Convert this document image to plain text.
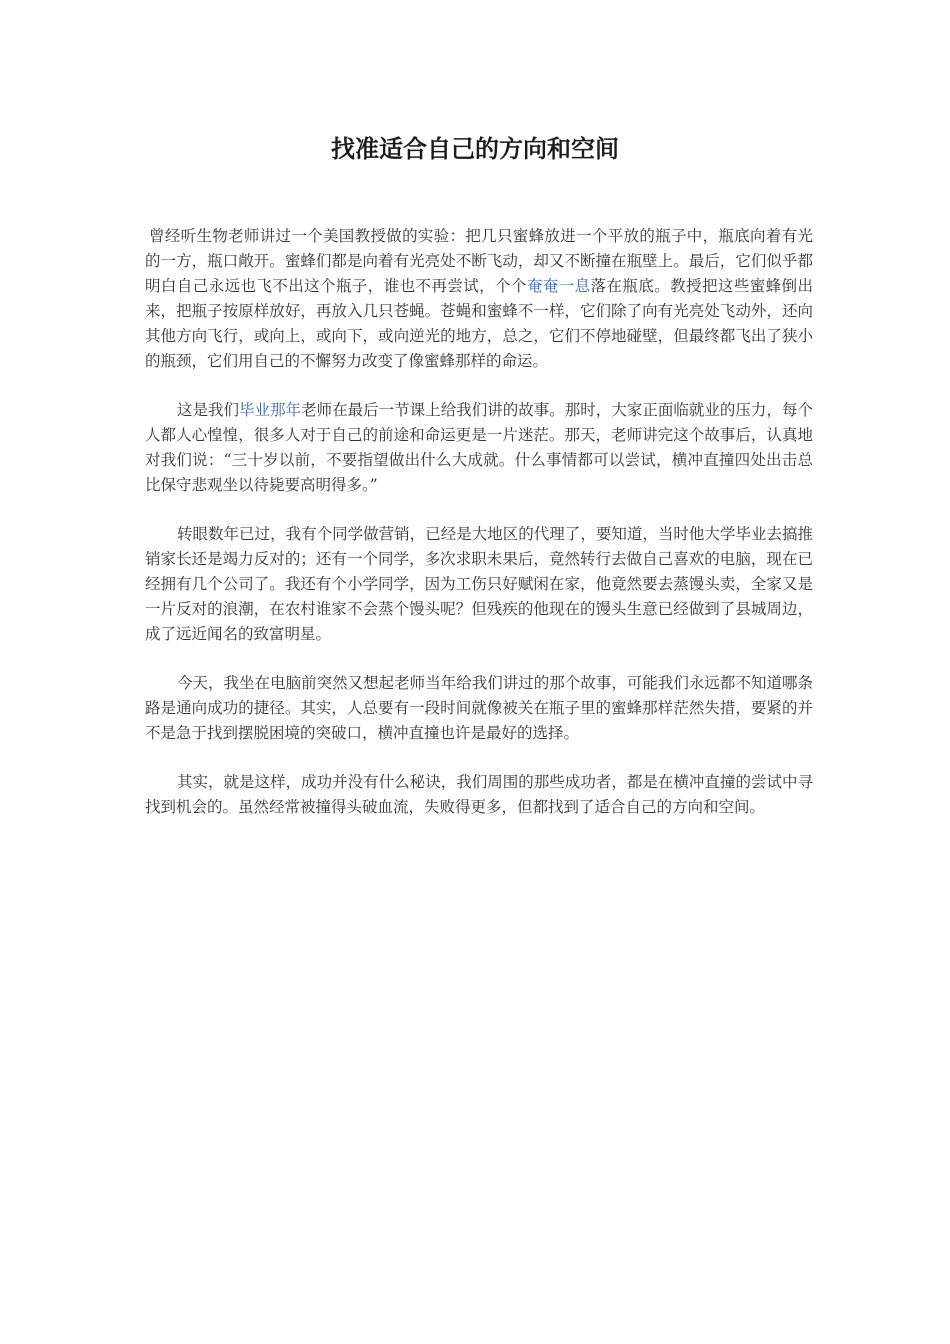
找准适合自己的方向和空间

曾经听生物老师讲过一个美国教授做的实验：把几只蜜蜂放进一个平放的瓶子中，瓶底向着有光的一方，瓶口敞开。蜜蜂们都是向着有光亮处不断飞动，却又不断撞在瓶壁上。最后，它们似乎都明白自己永远也飞不出这个瓶子，谁也不再尝试，个个奄奄一息落在瓶底。教授把这些蜜蜂倒出来，把瓶子按原样放好，再放入几只苍蝇。苍蝇和蜜蜂不一样，它们除了向有光亮处飞动外，还向其他方向飞行，或向上，或向下，或向逆光的地方，总之，它们不停地碰壁，但最终都飞出了狭小的瓶颈，它们用自己的不懈努力改变了像蜜蜂那样的命运。

这是我们毕业那年老师在最后一节课上给我们讲的故事。那时，大家正面临就业的压力，每个人都人心惶惶，很多人对于自己的前途和命运更是一片迷茫。那天，老师讲完这个故事后，认真地对我们说：“三十岁以前，不要指望做出什么大成就。什么事情都可以尝试，横冲直撞四处出击总比保守悲观坐以待毙要高明得多。”

转眼数年已过，我有个同学做营销，已经是大地区的代理了，要知道，当时他大学毕业去搞推销家长还是竭力反对的；还有一个同学，多次求职未果后，竟然转行去做自己喜欢的电脑，现在已经拥有几个公司了。我还有个小学同学，因为工伤只好赋闲在家，他竟然要去蒸馒头卖，全家又是一片反对的浪潮，在农村谁家不会蒸个馒头呢？但残疾的他现在的馒头生意已经做到了县城周边，成了远近闻名的致富明星。

今天，我坐在电脑前突然又想起老师当年给我们讲过的那个故事，可能我们永远都不知道哪条路是通向成功的捷径。其实，人总要有一段时间就像被关在瓶子里的蜜蜂那样茫然失措，要紧的并不是急于找到摆脱困境的突破口，横冲直撞也许是最好的选择。

其实，就是这样，成功并没有什么秘诀，我们周围的那些成功者，都是在横冲直撞的尝试中寻找到机会的。虽然经常被撞得头破血流，失败得更多，但都找到了适合自己的方向和空间。
